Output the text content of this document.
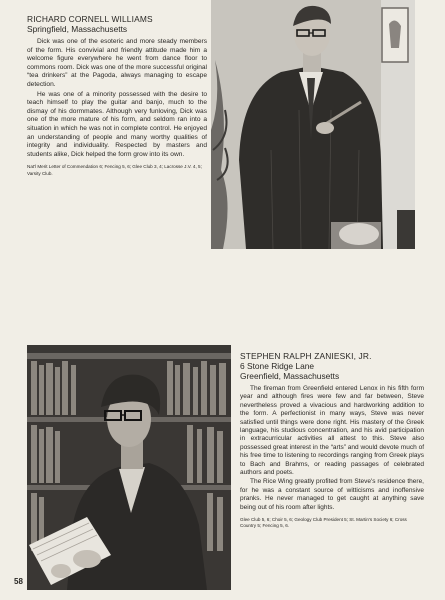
RICHARD CORNELL WILLIAMS
Springfield, Massachusetts

Dick was one of the esoteric and more steady members of the form. His convivial and friendly attitude made him a welcome figure everywhere he went from dance floor to commons room. Dick was one of the more successful original “tea drinkers” at the Pagoda, always managing to escape detection.

He was one of a minority possessed with the desire to teach himself to play the guitar and banjo, much to the dismay of his dormmates. Although very funloving, Dick was one of the more mature of his form, and seldom ran into a situation in which he was not in complete control. He enjoyed an understanding of people and many worthy qualities of integrity and individuality. Respected by masters and students alike, Dick helped the form grow into its own.

Nat'l Merit Letter of Commendation 6; Fencing 5, 6; Glee Club 3, 4; Lacrosse J.V. 4, 5; Varsity Club.
STEPHEN RALPH ZANIESKI, JR.
6 Stone Ridge Lane
Greenfield, Massachusetts

The fireman from Greenfield entered Lenox in his fifth form year and although fires were few and far between, Steve nevertheless proved a vivacious and hardworking addition to the form. A perfectionist in many ways, Steve was never satisfied until things were done right. His mastery of the Greek language, his studious concentration, and his avid participation in extracurricular activities all attest to this. Steve also possessed great interest in the “arts” and would devote much of his free time to listening to recordings ranging from Greek plays to Bach and Brahms, or reading passages of celebrated authors and poets.

The Rice Wing greatly profited from Steve's residence there, for he was a constant source of witticisms and inoffensive pranks. He never managed to get caught at anything save being out of his room after lights.

Glee Club 5, 6; Choir 5, 6; Geology Club President 5; St. Martin's Society 6; Cross Country 5; Fencing 5, 6.
58
